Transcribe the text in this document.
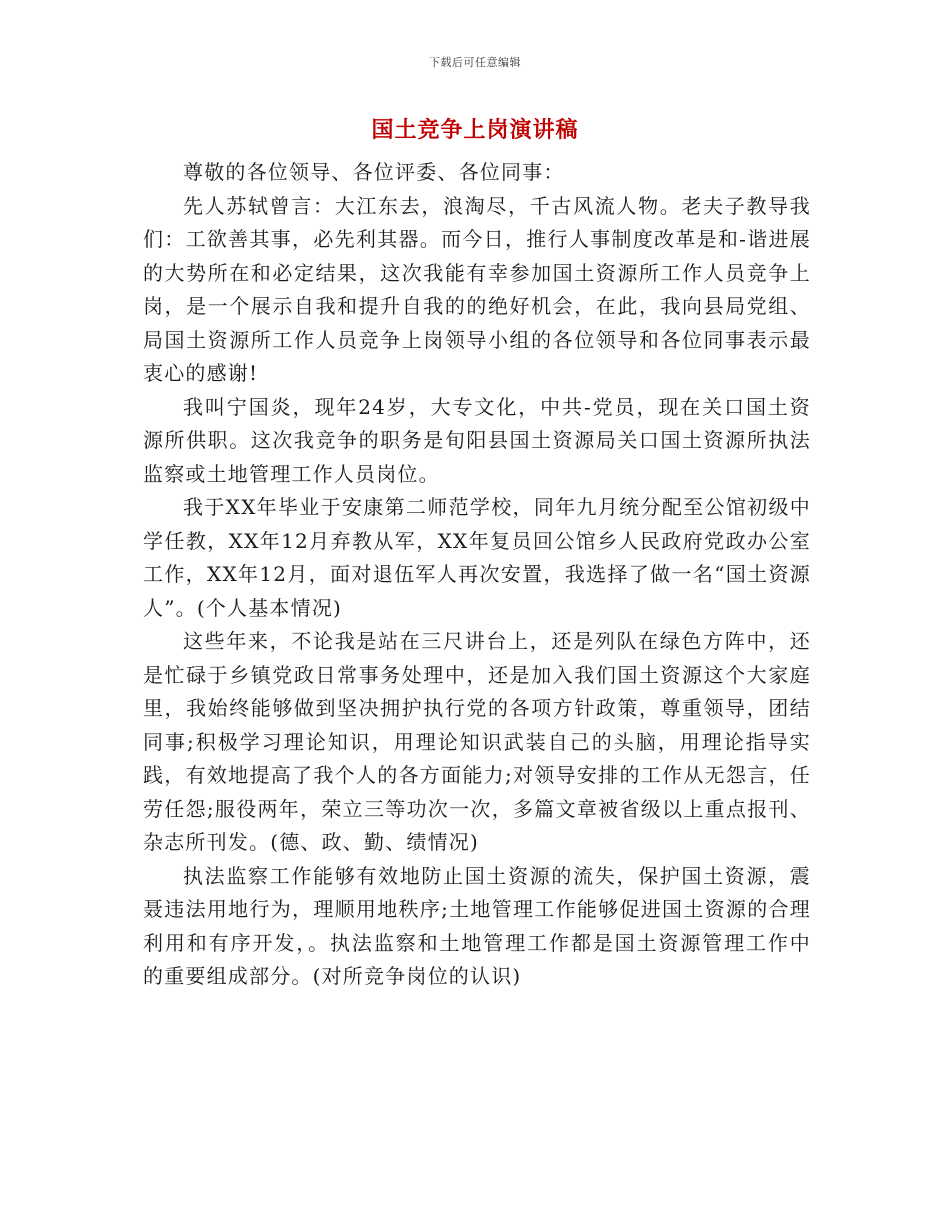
下载后可任意编辑
国土竞争上岗演讲稿

尊敬的各位领导、各位评委、各位同事：

先人苏轼曾言：大江东去，浪淘尽，千古风流人物。老夫子教导我们：工欲善其事，必先利其器。而今日，推行人事制度改革是和-谐进展的大势所在和必定结果，这次我能有幸参加国土资源所工作人员竞争上岗，是一个展示自我和提升自我的的绝好机会，在此，我向县局党组、局国土资源所工作人员竞争上岗领导小组的各位领导和各位同事表示最衷心的感谢!

我叫宁国炎，现年24岁，大专文化，中共-党员，现在关口国土资源所供职。这次我竞争的职务是旬阳县国土资源局关口国土资源所执法监察或土地管理工作人员岗位。

我于XX年毕业于安康第二师范学校，同年九月统分配至公馆初级中学任教，XX年12月弃教从军，XX年复员回公馆乡人民政府党政办公室工作，XX年12月，面对退伍军人再次安置，我选择了做一名“国土资源人”。(个人基本情况)

这些年来，不论我是站在三尺讲台上，还是列队在绿色方阵中，还是忙碌于乡镇党政日常事务处理中，还是加入我们国土资源这个大家庭里，我始终能够做到坚决拥护执行党的各项方针政策，尊重领导，团结同事;积极学习理论知识，用理论知识武装自己的头脑，用理论指导实践，有效地提高了我个人的各方面能力;对领导安排的工作从无怨言，任劳任怨;服役两年，荣立三等功次一次，多篇文章被省级以上重点报刊、杂志所刊发。(德、政、勤、绩情况)

执法监察工作能够有效地防止国土资源的流失，保护国土资源，震聂违法用地行为，理顺用地秩序;土地管理工作能够促进国土资源的合理利用和有序开发，。执法监察和土地管理工作都是国土资源管理工作中的重要组成部分。(对所竞争岗位的认识)
